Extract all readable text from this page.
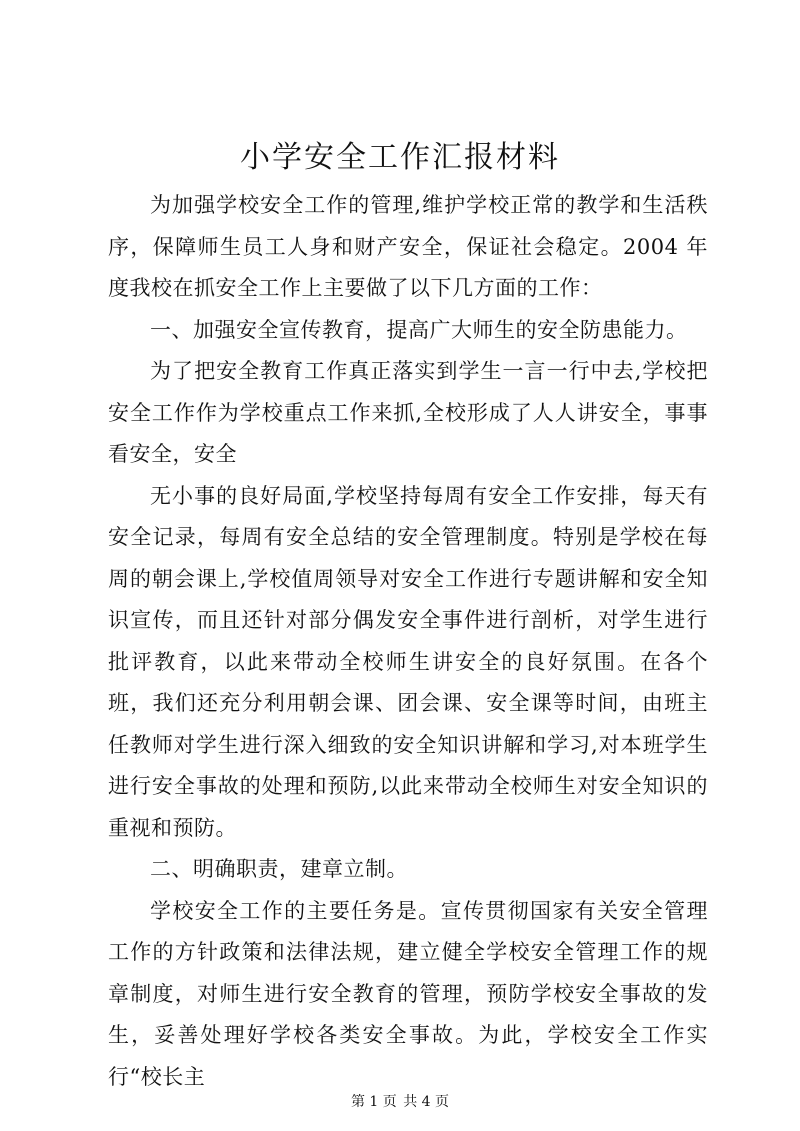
小学安全工作汇报材料

为加强学校安全工作的管理,维护学校正常的教学和生活秩序，保障师生员工人身和财产安全，保证社会稳定。2004 年度我校在抓安全工作上主要做了以下几方面的工作：

一、加强安全宣传教育，提高广大师生的安全防患能力。

为了把安全教育工作真正落实到学生一言一行中去,学校把安全工作作为学校重点工作来抓,全校形成了人人讲安全，事事看安全，安全

无小事的良好局面,学校坚持每周有安全工作安排，每天有安全记录，每周有安全总结的安全管理制度。特别是学校在每周的朝会课上,学校值周领导对安全工作进行专题讲解和安全知识宣传，而且还针对部分偶发安全事件进行剖析，对学生进行批评教育，以此来带动全校师生讲安全的良好氛围。在各个班，我们还充分利用朝会课、团会课、安全课等时间，由班主任教师对学生进行深入细致的安全知识讲解和学习,对本班学生进行安全事故的处理和预防,以此来带动全校师生对安全知识的重视和预防。

二、明确职责，建章立制。

学校安全工作的主要任务是。宣传贯彻国家有关安全管理工作的方针政策和法律法规，建立健全学校安全管理工作的规章制度，对师生进行安全教育的管理，预防学校安全事故的发生，妥善处理好学校各类安全事故。为此，学校安全工作实行“校长主

第 1 页 共 4 页
